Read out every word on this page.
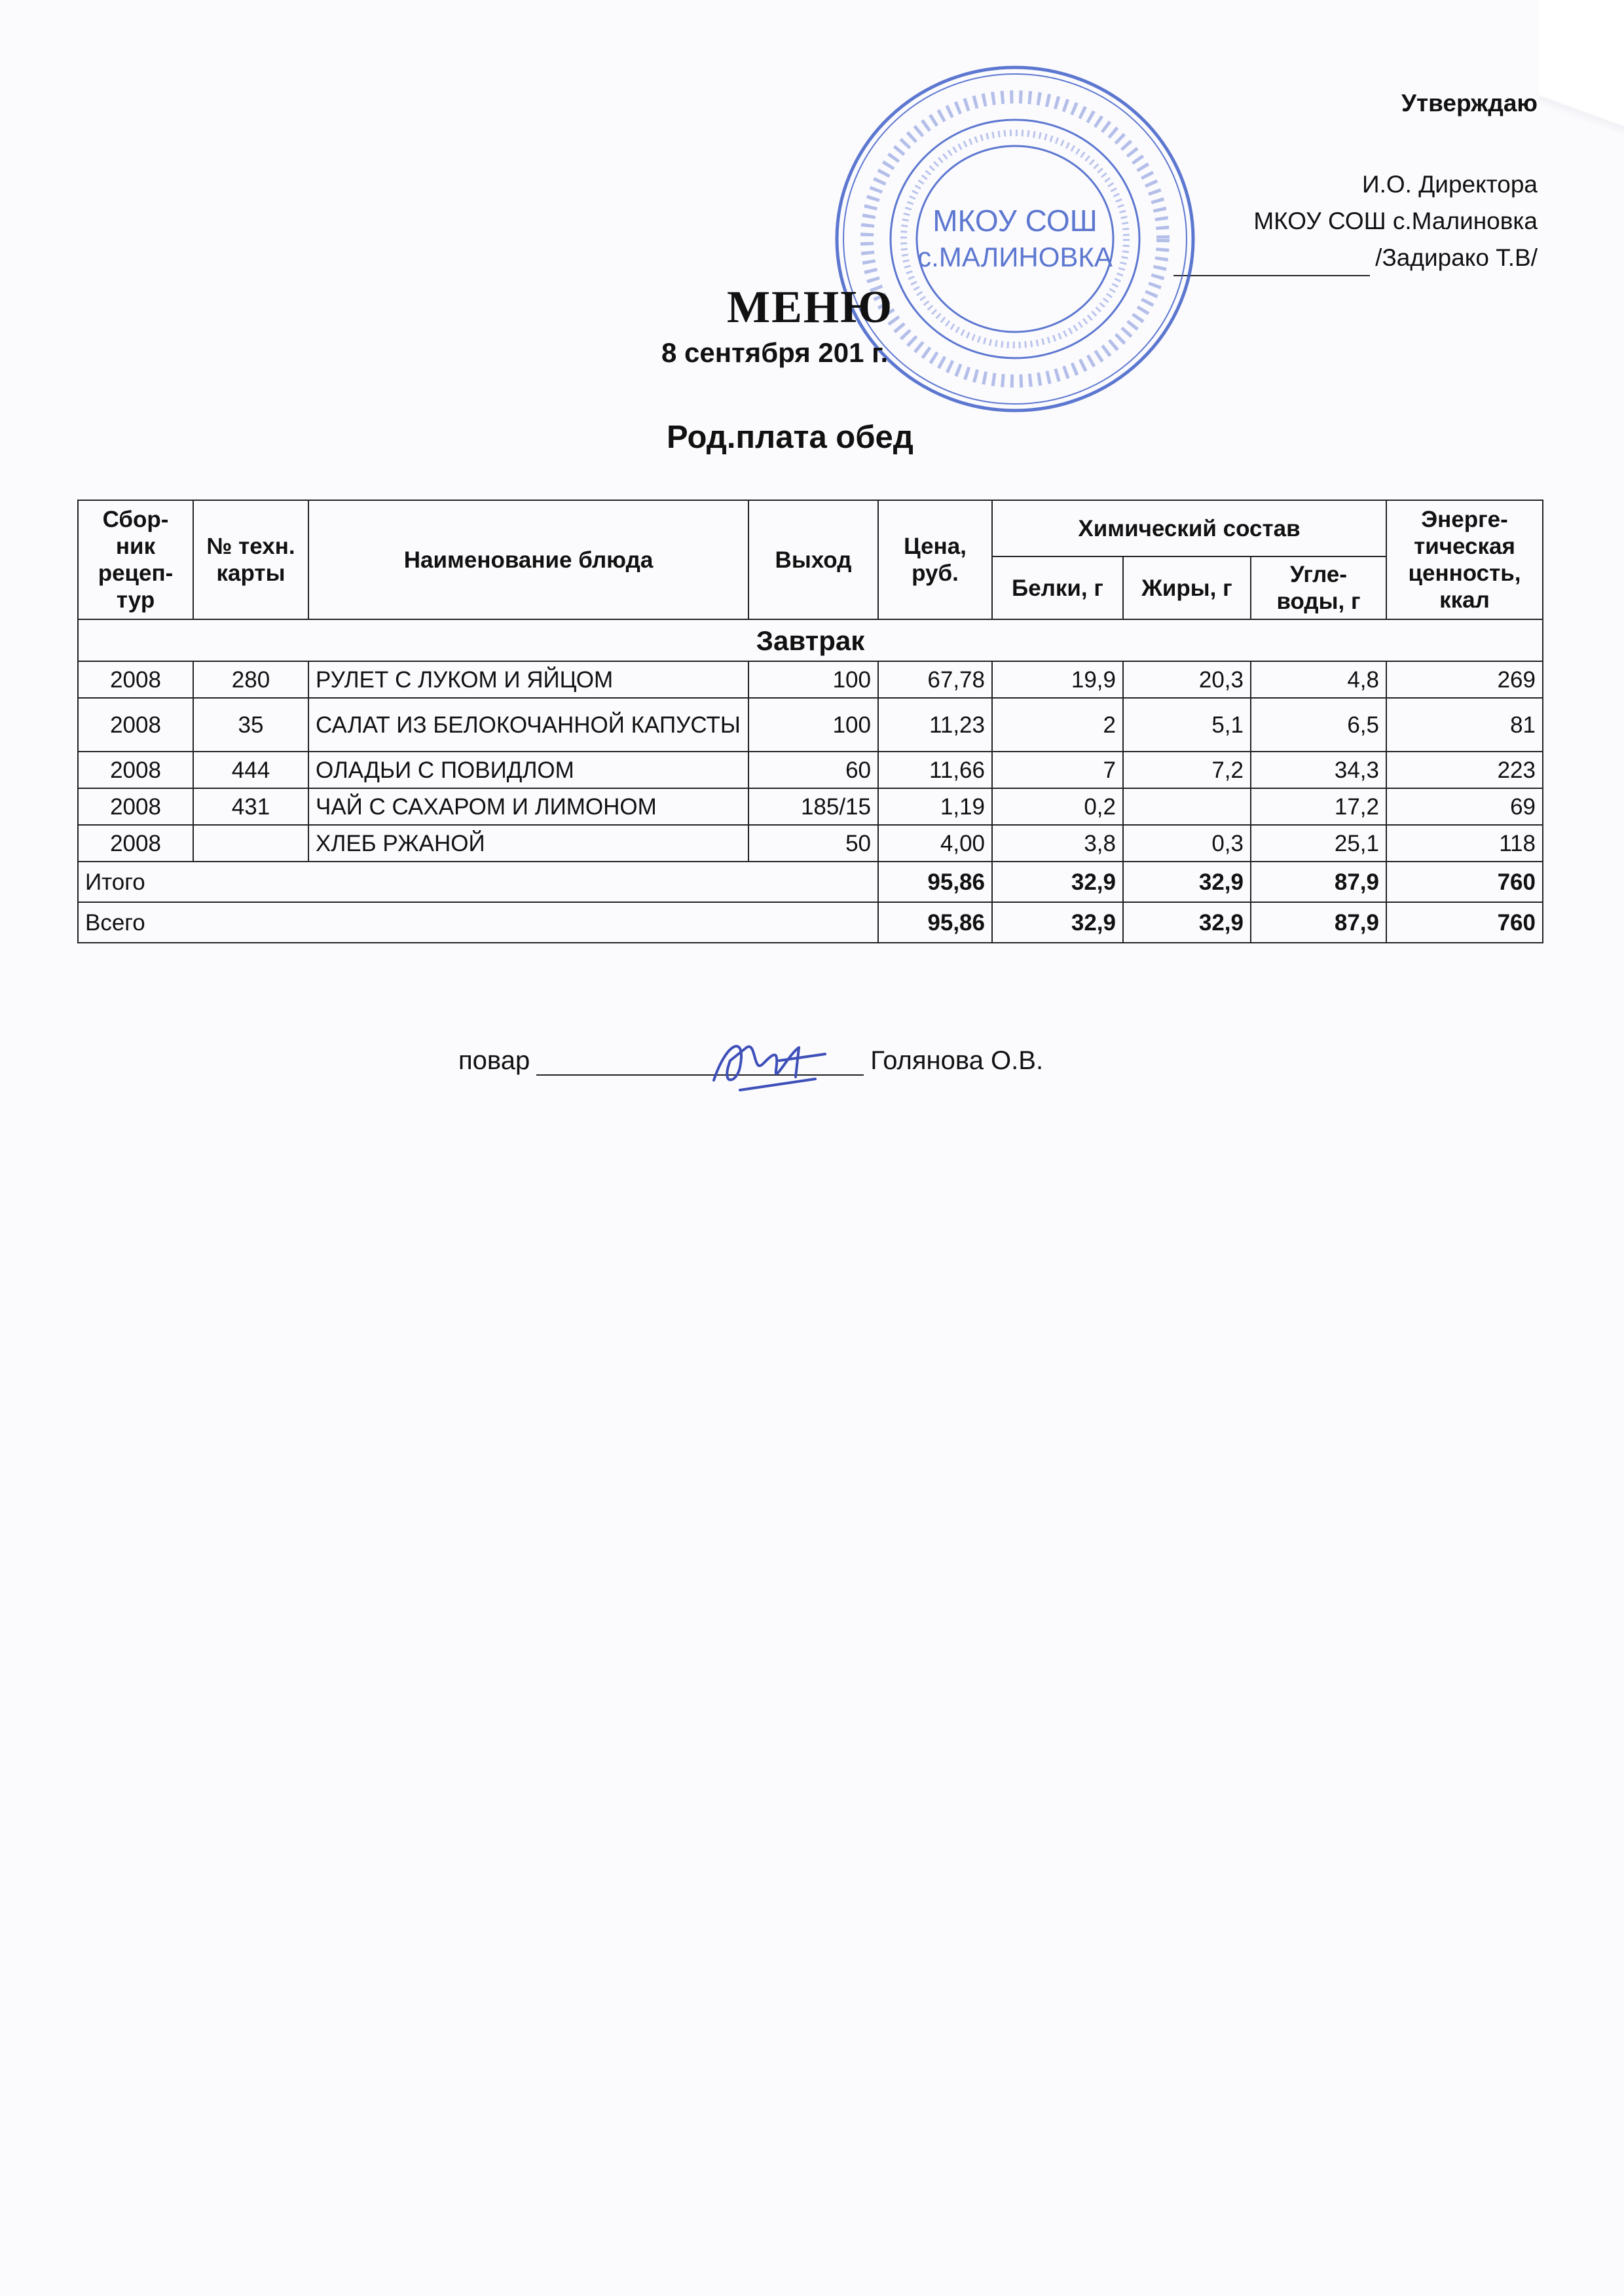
Утверждаю
И.О. Директора
МКОУ СОШ с.Малиновка
/Задирако Т.В/
МКОУ СОШ
с.МАЛИНОВКА
МЕНЮ
8 сентября 201 г.
Род.плата обед
Сбор-ник рецеп-тур	№ техн. карты	Наименование блюда	Выход	Цена, руб.	Химический состав			Энерге-тическая ценность, ккал
					Белки, г	Жиры, г	Угле-воды, г	
Завтрак								
2008	280	РУЛЕТ С ЛУКОМ И ЯЙЦОМ	100	67,78	19,9	20,3	4,8	269
2008	35	САЛАТ ИЗ БЕЛОКОЧАННОЙ КАПУСТЫ	100	11,23	2	5,1	6,5	81
2008	444	ОЛАДЬИ С ПОВИДЛОМ	60	11,66	7	7,2	34,3	223
2008	431	ЧАЙ С САХАРОМ И ЛИМОНОМ	185/15	1,19	0,2		17,2	69
2008		ХЛЕБ РЖАНОЙ	50	4,00	3,8	0,3	25,1	118
Итого				95,86	32,9	32,9	87,9	760
Всего				95,86	32,9	32,9	87,9	760
повар	Голянова О.В.
